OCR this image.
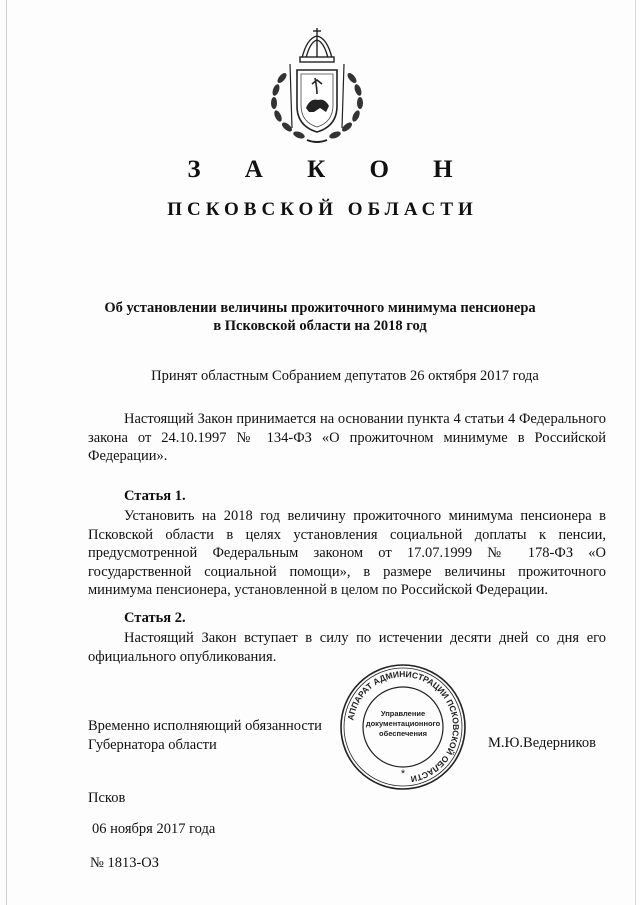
З А К О Н
ПСКОВСКОЙ ОБЛАСТИ
Об установлении величины прожиточного минимума пенсионера
в Псковской области на 2018 год
Принят областным Собранием депутатов 26 октября 2017 года
Настоящий Закон принимается на основании пункта 4 статьи 4 Федерального закона от 24.10.1997 № 134-ФЗ «О прожиточном минимуме в Российской Федерации».
Статья 1.
Установить на 2018 год величину прожиточного минимума пенсионера в Псковской области в целях установления социальной доплаты к пенсии, предусмотренной Федеральным законом от 17.07.1999 № 178-ФЗ «О государственной социальной помощи», в размере величины прожиточного минимума пенсионера, установленной в целом по Российской Федерации.
Статья 2.
Настоящий Закон вступает в силу по истечении десяти дней со дня его официального опубликования.
Временно исполняющий обязанности
Губернатора области
АППАРАТ АДМИНИСТРАЦИИ ПСКОВСКОЙ ОБЛАСТИ
Управление
документационного
обеспечения
*
М.Ю.Ведерников
Псков
06 ноября 2017 года
№ 1813-ОЗ
